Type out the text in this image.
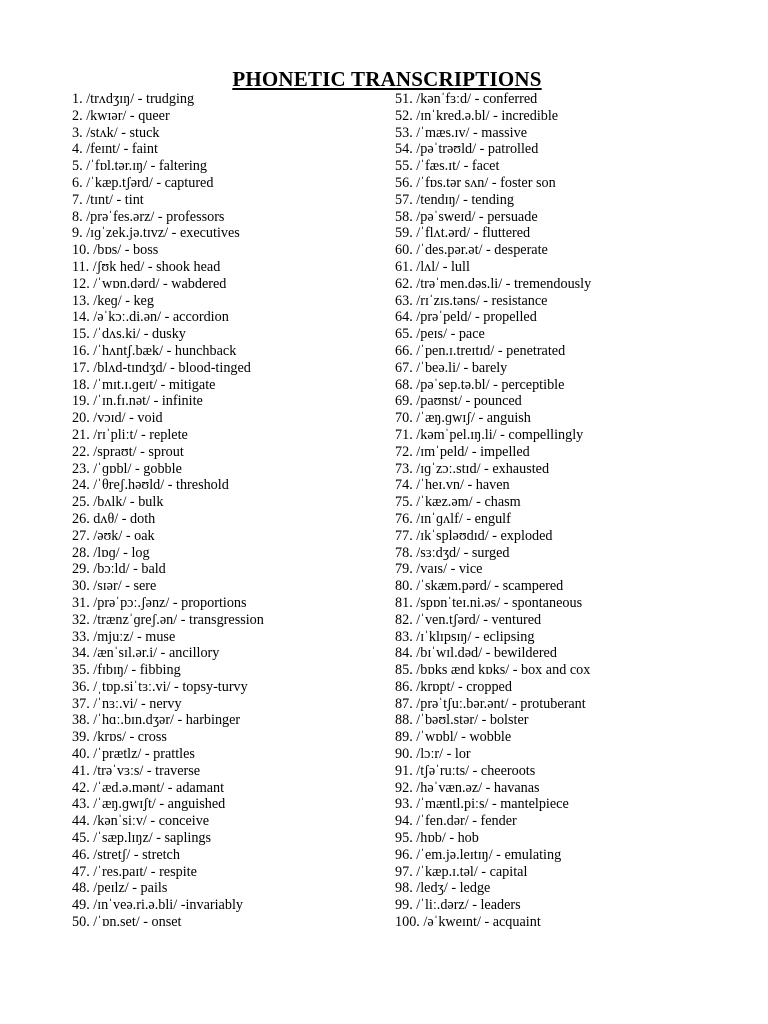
PHONETIC TRANSCRIPTIONS
1. /trʌdʒɪŋ/ - trudging
2. /kwɪər/ - queer
3. /stʌk/ - stuck
4. /feɪnt/ - faint
5. /ˈfɒl.tər.ɪŋ/ - faltering
6. /ˈkæp.tʃərd/ - captured
7. /tɪnt/ - tint
8. /prəˈfes.ərz/ - professors
9. /ɪɡˈzek.jə.tɪvz/ - executives
10. /bɒs/ - boss
11. /ʃʊk hed/ - shook head
12. /ˈwɒn.dərd/ - wabdered
13. /keɡ/ - keg
14. /əˈkɔː.di.ən/ - accordion
15. /ˈdʌs.ki/ - dusky
16. /ˈhʌntʃ.bæk/ - hunchback
17. /blʌd-tɪndʒd/ - blood-tinged
18. /ˈmɪt.ɪ.ɡeɪt/ - mitigate
19. /ˈɪn.fɪ.nət/ - infinite
20. /vɔɪd/ - void
21. /rɪˈpliːt/ - replete
22. /spraʊt/ - sprout
23. /ˈɡɒbl/ - gobble
24. /ˈθreʃ.həʊld/ - threshold
25. /bʌlk/ - bulk
26. dʌθ/ - doth
27. /əʊk/ - oak
28. /lɒɡ/ - log
29. /bɔːld/ - bald
30. /sɪər/ - sere
31. /prəˈpɔː.ʃənz/ - proportions
32. /trænzˈɡreʃ.ən/ - transgression
33. /mjuːz/ - muse
34. /ænˈsɪl.ər.i/ - ancillory
35. /fɪbɪŋ/ - fibbing
36. /ˌtɒp.siˈtɜː.vi/ - topsy-turvy
37. /ˈnɜː.vi/ - nervy
38. /ˈhɑː.bɪn.dʒər/ - harbinger
39. /krɒs/ - cross
40. /ˈprætlz/ - prattles
41. /trəˈvɜːs/ - traverse
42. /ˈæd.ə.mənt/ - adamant
43. /ˈæŋ.ɡwɪʃt/ - anguished
44. /kənˈsiːv/ - conceive
45. /ˈsæp.lɪŋz/ - saplings
46. /stretʃ/ - stretch
47. /ˈres.paɪt/ - respite
48. /peɪlz/ - pails
49. /ɪnˈveə.ri.ə.bli/ -invariably
50. /ˈɒn.set/ - onset
51. /kənˈfɜːd/ - conferred
52. /ɪnˈkred.ə.bl/ - incredible
53. /ˈmæs.ɪv/ - massive
54. /pəˈtrəʊld/ - patrolled
55. /ˈfæs.ɪt/ - facet
56. /ˈfɒs.tər sʌn/ - foster son
57. /tendɪŋ/ - tending
58. /pəˈsweɪd/ - persuade
59. /ˈflʌt.ərd/ - fluttered
60. /ˈdes.pər.ət/ - desperate
61. /lʌl/ - lull
62. /trəˈmen.dəs.li/ - tremendously
63. /rɪˈzɪs.təns/ - resistance
64. /prəˈpeld/ - propelled
65. /peɪs/ - pace
66. /ˈpen.ɪ.treɪtɪd/ - penetrated
67. /ˈbeə.li/ - barely
68. /pəˈsep.tə.bl/ - perceptible
69. /paʊnst/ - pounced
70. /ˈæŋ.ɡwɪʃ/ - anguish
71. /kəmˈpel.ɪŋ.li/ - compellingly
72. /ɪmˈpeld/ - impelled
73. /ɪɡˈzɔː.stɪd/ - exhausted
74. /ˈheɪ.vn/ - haven
75. /ˈkæz.əm/ - chasm
76. /ɪnˈɡʌlf/ - engulf
77. /ɪkˈspləʊdɪd/ - exploded
78. /sɜːdʒd/ - surged
79. /vaɪs/ - vice
80. /ˈskæm.pərd/ - scampered
81. /spɒnˈteɪ.ni.əs/ - spontaneous
82. /ˈven.tʃərd/ - ventured
83. /ɪˈklɪpsɪŋ/ - eclipsing
84. /bɪˈwɪl.dəd/ - bewildered
85. /bɒks ænd kɒks/ - box and cox
86. /krɒpt/ - cropped
87. /prəˈtʃuː.bər.ənt/ - protuberant
88. /ˈbəʊl.stər/ - bolster
89. /ˈwɒbl/ - wobble
90. /lɔːr/ - lor
91. /tʃəˈruːts/ - cheeroots
92. /həˈvæn.əz/ - havanas
93. /ˈmæntl.piːs/ - mantelpiece
94. /ˈfen.dər/ - fender
95. /hɒb/ - hob
96. /ˈem.jə.leɪtɪŋ/ - emulating
97. /ˈkæp.ɪ.təl/ - capital
98. /ledʒ/ - ledge
99. /ˈliː.dərz/ - leaders
100. /əˈkweɪnt/ - acquaint
